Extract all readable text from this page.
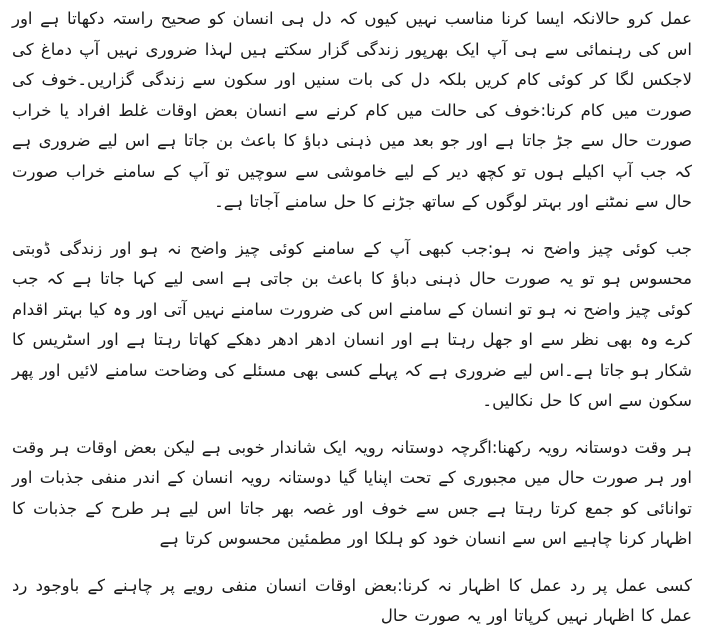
عمل کرو حالانکہ ایسا کرنا مناسب نہیں کیوں کہ دل ہی انسان کو صحیح راستہ دکھاتا ہے اور اس کی رہنمائی سے ہی آپ ایک بھرپور زندگی گزار سکتے ہیں لہذا ضروری نہیں آپ دماغ کی لاجکس لگا کر کوئی کام کریں بلکہ دل کی بات سنیں اور سکون سے زندگی گزاریں۔خوف کی صورت میں کام کرنا:خوف کی حالت میں کام کرنے سے انسان بعض اوقات غلط افراد یا خراب صورت حال سے جڑ جاتا ہے اور جو بعد میں ذہنی دباؤ کا باعث بن جاتا ہے اس لیے ضروری ہے کہ جب آپ اکیلے ہوں تو کچھ دیر کے لیے خاموشی سے سوچیں تو آپ کے سامنے خراب صورت حال سے نمٹنے اور بہتر لوگوں کے ساتھ جڑنے کا حل سامنے آجاتا ہے۔

جب کوئی چیز واضح نہ ہو:جب کبھی آپ کے سامنے کوئی چیز واضح نہ ہو اور زندگی ڈوبتی محسوس ہو تو یہ صورت حال ذہنی دباؤ کا باعث بن جاتی ہے اسی لیے کہا جاتا ہے کہ جب کوئی چیز واضح نہ ہو تو انسان کے سامنے اس کی ضرورت سامنے نہیں آتی اور وہ کیا بہتر اقدام کرے وہ بھی نظر سے او جھل رہتا ہے اور انسان ادھر ادھر دھکے کھاتا رہتا ہے اور اسٹریس کا شکار ہو جاتا ہے۔اس لیے ضروری ہے کہ پہلے کسی بھی مسئلے کی وضاحت سامنے لائیں اور پھر سکون سے اس کا حل نکالیں۔

ہر وقت دوستانہ رویہ رکھنا:اگرچہ دوستانہ رویہ ایک شاندار خوبی ہے لیکن بعض اوقات ہر وقت اور ہر صورت حال میں مجبوری کے تحت اپنایا گیا دوستانہ رویہ انسان کے اندر منفی جذبات اور توانائی کو جمع کرتا رہتا ہے جس سے خوف اور غصہ بھر جاتا اس لیے ہر طرح کے جذبات کا اظہار کرنا چاہیے اس سے انسان خود کو ہلکا اور مطمئین محسوس کرتا ہے

کسی عمل پر رد عمل کا اظہار نہ کرنا:بعض اوقات انسان منفی رویے پر چاہنے کے باوجود رد عمل کا اظہار نہیں کرپاتا اور یہ صورت حال
